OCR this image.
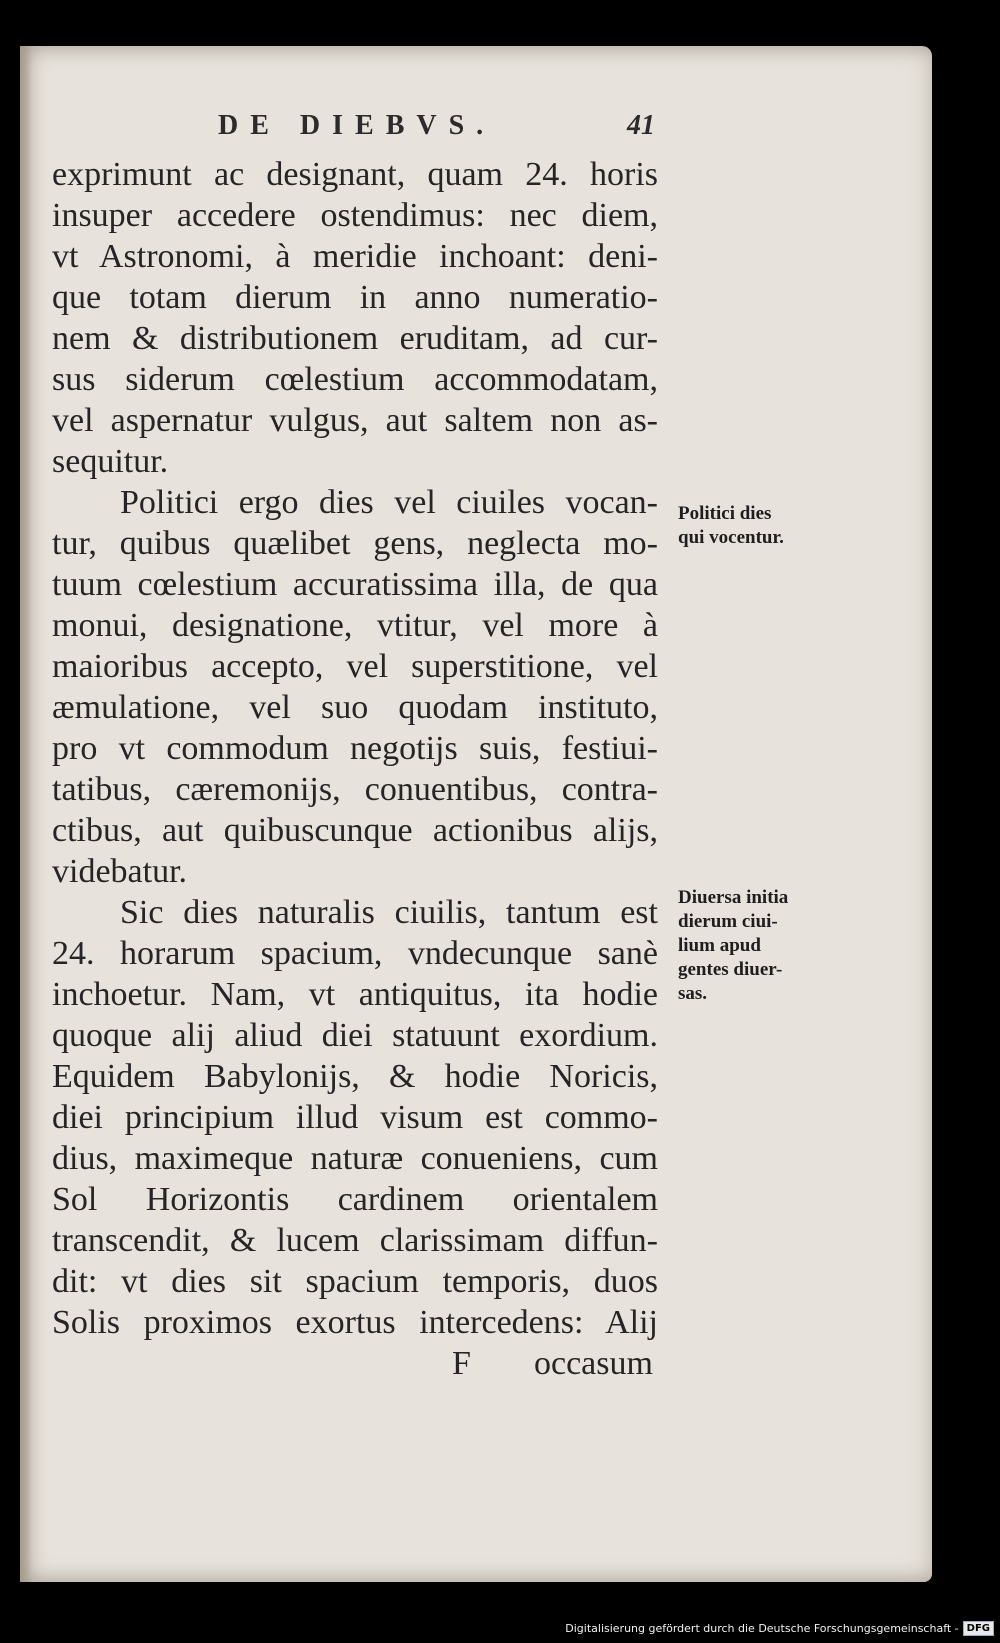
DE DIEBVS.	41
exprimunt ac designant, quam 24. horis
insuper accedere ostendimus: nec diem,
vt Astronomi, à meridie inchoant: deni-
que totam dierum in anno numeratio-
nem & distributionem eruditam, ad cur-
sus siderum cœlestium accommodatam,
vel aspernatur vulgus, aut saltem non as-
sequitur.
Politici ergo dies vel ciuiles vocan-
tur, quibus quælibet gens, neglecta mo-
tuum cœlestium accuratissima illa, de qua
monui, designatione, vtitur, vel more à
maioribus accepto, vel superstitione, vel
æmulatione, vel suo quodam instituto,
pro vt commodum negotijs suis, festiui-
tatibus, cæremonijs, conuentibus, contra-
ctibus, aut quibuscunque actionibus alijs,
videbatur.
Sic dies naturalis ciuilis, tantum est
24. horarum spacium, vndecunque sanè
inchoetur. Nam, vt antiquitus, ita hodie
quoque alij aliud diei statuunt exordium.
Equidem Babylonijs, & hodie Noricis,
diei principium illud visum est commo-
dius, maximeque naturæ conueniens, cum
Sol Horizontis cardinem orientalem
transcendit, & lucem clarissimam diffun-
dit: vt dies sit spacium temporis, duos
Solis proximos exortus intercedens: Alij
F occasum
Politici dies
qui vocentur.
Diuersa initia
dierum ciui-
lium apud
gentes diuer-
sas.
Digitalisierung gefördert durch die Deutsche Forschungsgemeinschaft - DFG
